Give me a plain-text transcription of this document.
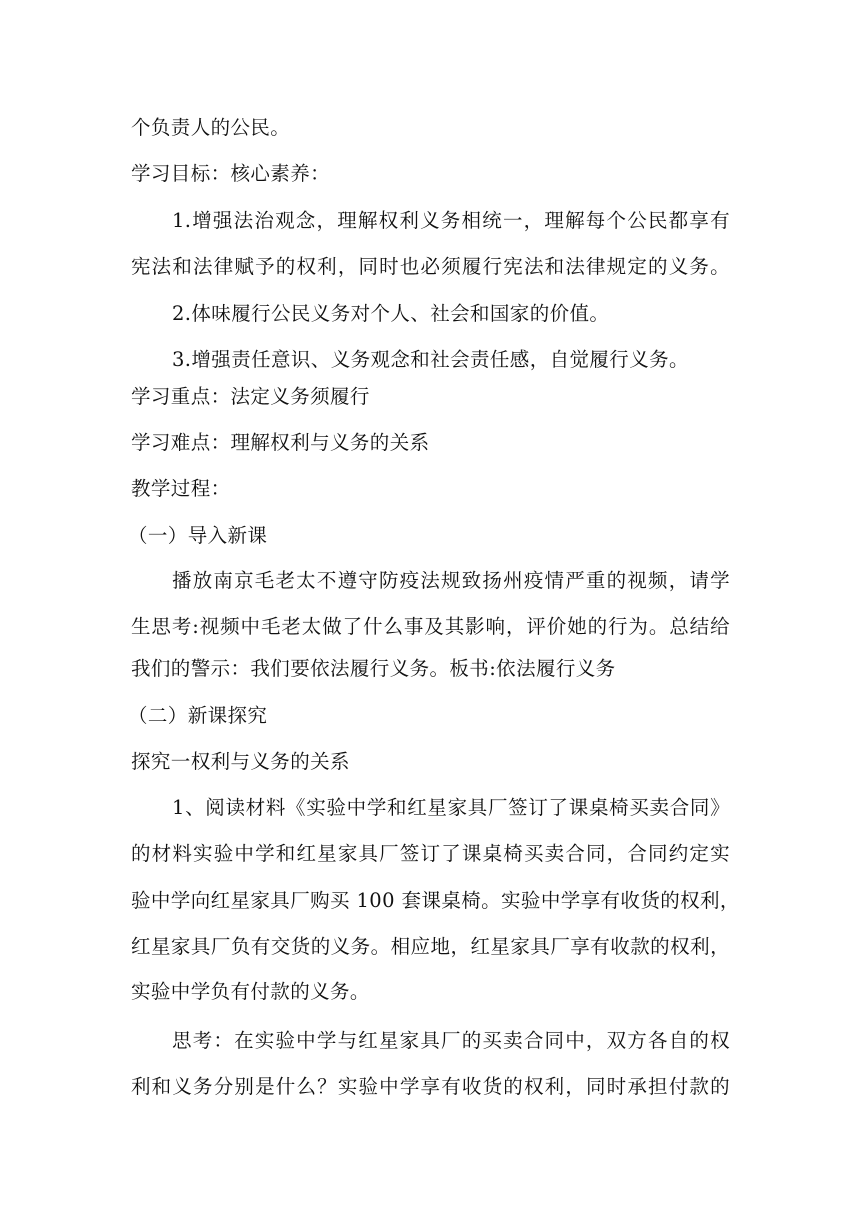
个负责人的公民。
学习目标：核心素养：
1.增强法治观念，理解权利义务相统一，理解每个公民都享有
宪法和法律赋予的权利，同时也必须履行宪法和法律规定的义务。
2.体味履行公民义务对个人、社会和国家的价值。
3.增强责任意识、义务观念和社会责任感，自觉履行义务。
学习重点：法定义务须履行
学习难点：理解权利与义务的关系
教学过程：
（一）导入新课
播放南京毛老太不遵守防疫法规致扬州疫情严重的视频，请学
生思考:视频中毛老太做了什么事及其影响，评价她的行为。总结给
我们的警示：我们要依法履行义务。板书:依法履行义务
（二）新课探究
探究一权利与义务的关系
1、阅读材料《实验中学和红星家具厂签订了课桌椅买卖合同》
的材料实验中学和红星家具厂签订了课桌椅买卖合同，合同约定实
验中学向红星家具厂购买 100 套课桌椅。实验中学享有收货的权利，
红星家具厂负有交货的义务。相应地，红星家具厂享有收款的权利，
实验中学负有付款的义务。
思考：在实验中学与红星家具厂的买卖合同中，双方各自的权
利和义务分别是什么？实验中学享有收货的权利，同时承担付款的
